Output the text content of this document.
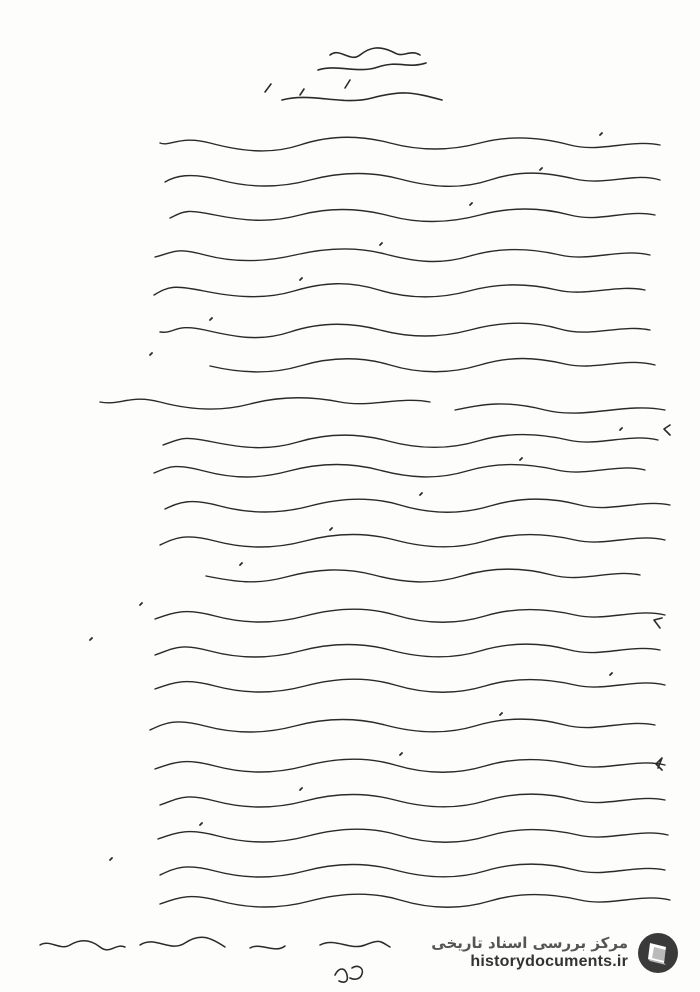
مرکز بررسی اسناد تاریخی
historydocuments.ir
